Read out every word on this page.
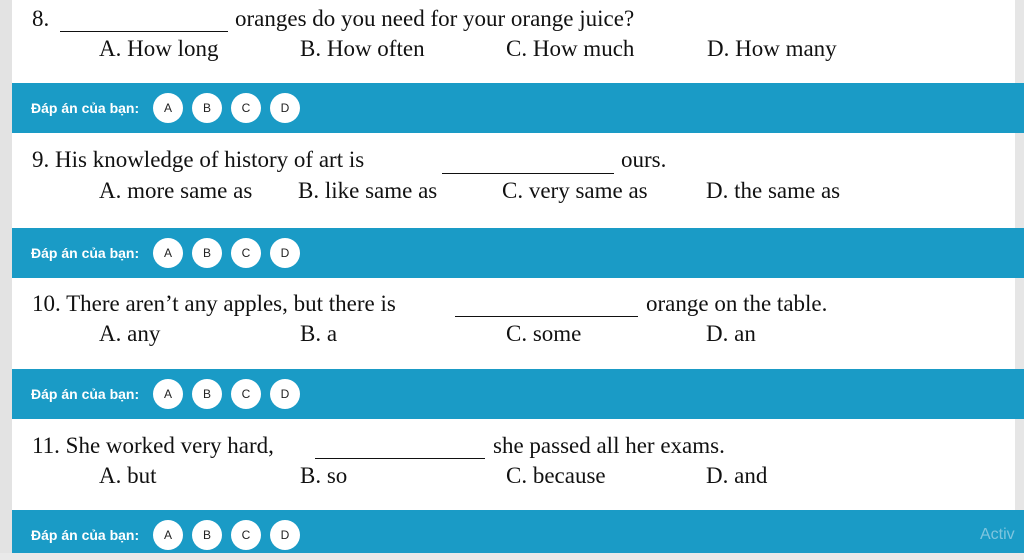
8.	oranges do you need for your orange juice?
A. How long	B. How often	C. How much	D. How many
Đáp án của bạn:	A	B	C	D
9. His knowledge of history of art is	ours.
A. more same as B. like same as	C. very same as	D. the same as
Đáp án của bạn:	A	B	C	D
10. There aren’t any apples, but there is	orange on the table.
A. any	B. a	C. some	D. an
Đáp án của bạn:	A	B	C	D
11. She worked very hard,	she passed all her exams.
A. but	B. so	C. because	D. and
Đáp án của bạn:	A	B	C	D	Activ
